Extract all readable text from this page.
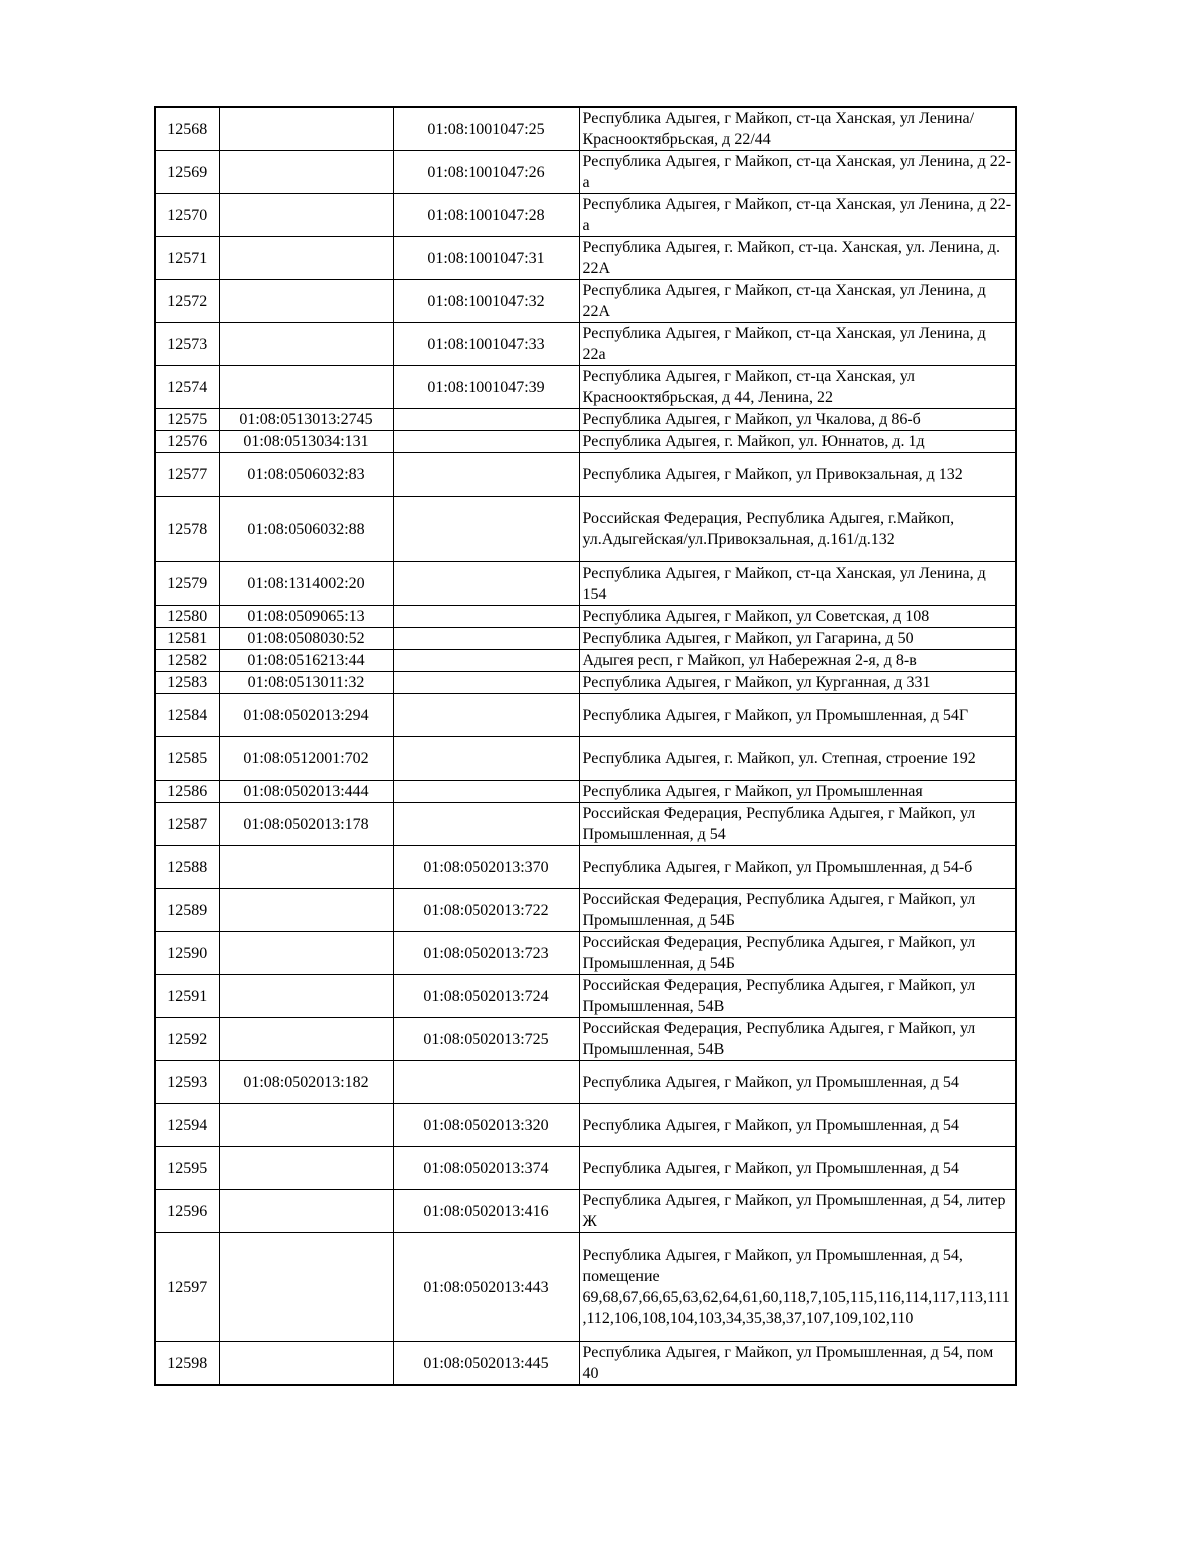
12568		01:08:1001047:25	Республика Адыгея, г Майкоп, ст-ца Ханская, ул Ленина/Краснооктябрьская, д 22/44
12569		01:08:1001047:26	Республика Адыгея, г Майкоп, ст-ца Ханская, ул Ленина, д 22-а
12570		01:08:1001047:28	Республика Адыгея, г Майкоп, ст-ца Ханская, ул Ленина, д 22-а
12571		01:08:1001047:31	Республика Адыгея, г. Майкоп, ст-ца. Ханская, ул. Ленина, д. 22А
12572		01:08:1001047:32	Республика Адыгея, г Майкоп, ст-ца Ханская, ул Ленина, д 22А
12573		01:08:1001047:33	Республика Адыгея, г Майкоп, ст-ца Ханская, ул Ленина, д 22а
12574		01:08:1001047:39	Республика Адыгея, г Майкоп, ст-ца Ханская, ул Краснооктябрьская, д 44, Ленина, 22
12575	01:08:0513013:2745		Республика Адыгея, г Майкоп, ул Чкалова, д 86-б
12576	01:08:0513034:131		Республика Адыгея, г. Майкоп, ул. Юннатов, д. 1д
12577	01:08:0506032:83		Республика Адыгея, г Майкоп, ул Привокзальная, д 132
12578	01:08:0506032:88		Российская Федерация, Республика Адыгея, г.Майкоп, ул.Адыгейская/ул.Привокзальная, д.161/д.132
12579	01:08:1314002:20		Республика Адыгея, г Майкоп, ст-ца Ханская, ул Ленина, д 154
12580	01:08:0509065:13		Республика Адыгея, г Майкоп, ул Советская, д 108
12581	01:08:0508030:52		Республика Адыгея, г Майкоп, ул Гагарина, д 50
12582	01:08:0516213:44		Адыгея респ, г Майкоп, ул Набережная 2-я, д 8-в
12583	01:08:0513011:32		Республика Адыгея, г Майкоп, ул Курганная, д 331
12584	01:08:0502013:294		Республика Адыгея, г Майкоп, ул Промышленная, д 54Г
12585	01:08:0512001:702		Республика Адыгея, г. Майкоп, ул. Степная, строение 192
12586	01:08:0502013:444		Республика Адыгея, г Майкоп, ул Промышленная
12587	01:08:0502013:178		Российская Федерация, Республика Адыгея, г Майкоп, ул Промышленная, д 54
12588		01:08:0502013:370	Республика Адыгея, г Майкоп, ул Промышленная, д 54-б
12589		01:08:0502013:722	Российская Федерация, Республика Адыгея, г Майкоп, ул Промышленная, д 54Б
12590		01:08:0502013:723	Российская Федерация, Республика Адыгея, г Майкоп, ул Промышленная, д 54Б
12591		01:08:0502013:724	Российская Федерация, Республика Адыгея, г Майкоп, ул Промышленная, 54В
12592		01:08:0502013:725	Российская Федерация, Республика Адыгея, г Майкоп, ул Промышленная, 54В
12593	01:08:0502013:182		Республика Адыгея, г Майкоп, ул Промышленная, д 54
12594		01:08:0502013:320	Республика Адыгея, г Майкоп, ул Промышленная, д 54
12595		01:08:0502013:374	Республика Адыгея, г Майкоп, ул Промышленная, д 54
12596		01:08:0502013:416	Республика Адыгея, г Майкоп, ул Промышленная, д 54, литер Ж
12597		01:08:0502013:443	Республика Адыгея, г Майкоп, ул Промышленная, д 54, помещение 69,68,67,66,65,63,62,64,61,60,118,7,105,115,116,114,117,113,111,112,106,108,104,103,34,35,38,37,107,109,102,110
12598		01:08:0502013:445	Республика Адыгея, г Майкоп, ул Промышленная, д 54, пом 40
